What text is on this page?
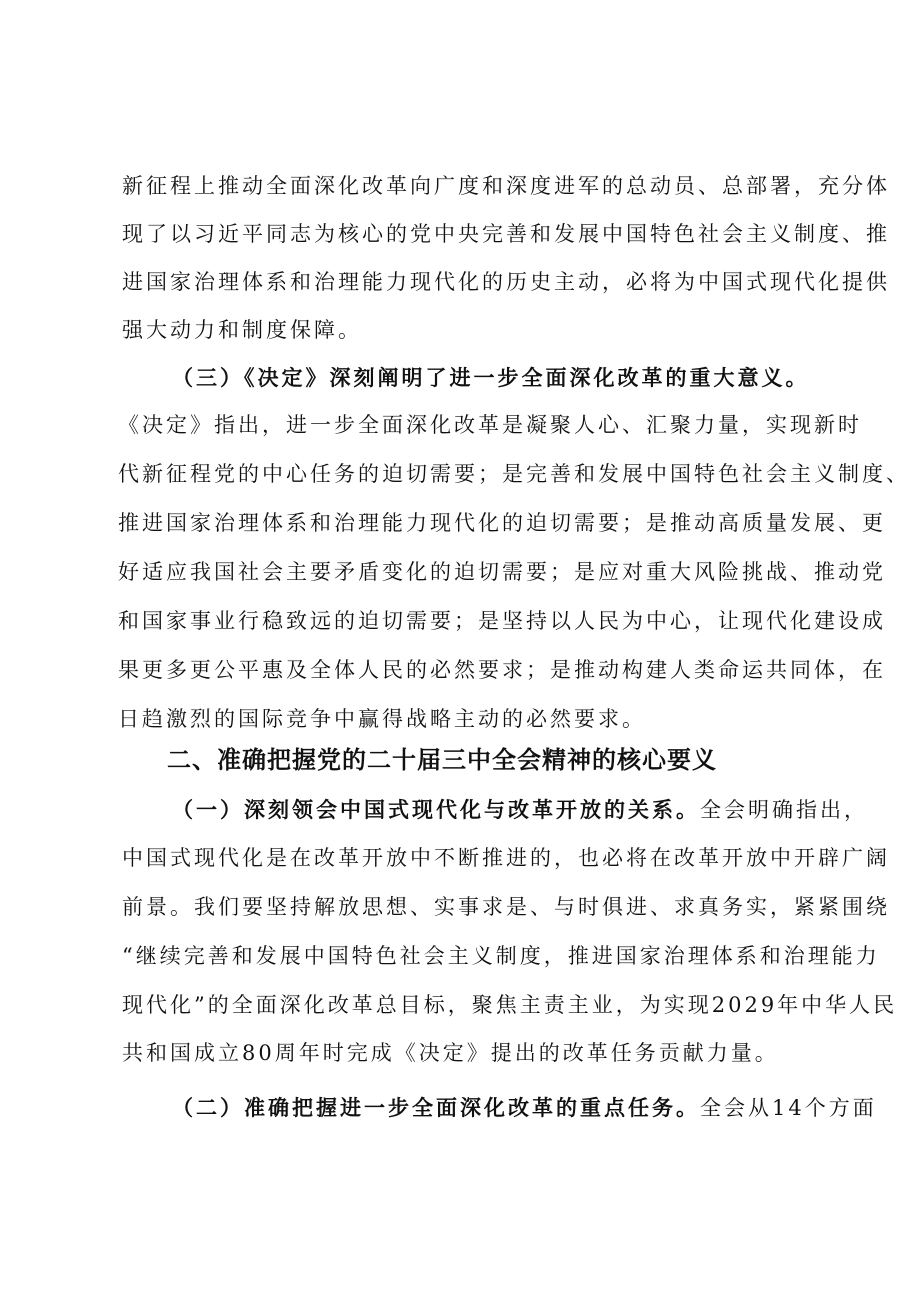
新征程上推动全面深化改革向广度和深度进军的总动员、总部署，充分体

现了以习近平同志为核心的党中央完善和发展中国特色社会主义制度、推

进国家治理体系和治理能力现代化的历史主动，必将为中国式现代化提供

强大动力和制度保障。

（三）《决定》深刻阐明了进一步全面深化改革的重大意义。

《决定》指出，进一步全面深化改革是凝聚人心、汇聚力量，实现新时

代新征程党的中心任务的迫切需要；是完善和发展中国特色社会主义制度、

推进国家治理体系和治理能力现代化的迫切需要；是推动高质量发展、更

好适应我国社会主要矛盾变化的迫切需要；是应对重大风险挑战、推动党

和国家事业行稳致远的迫切需要；是坚持以人民为中心，让现代化建设成

果更多更公平惠及全体人民的必然要求；是推动构建人类命运共同体，在

日趋激烈的国际竞争中赢得战略主动的必然要求。

二、准确把握党的二十届三中全会精神的核心要义

（一）深刻领会中国式现代化与改革开放的关系。全会明确指出，

中国式现代化是在改革开放中不断推进的，也必将在改革开放中开辟广阔

前景。我们要坚持解放思想、实事求是、与时俱进、求真务实，紧紧围绕

“继续完善和发展中国特色社会主义制度，推进国家治理体系和治理能力

现代化”的全面深化改革总目标，聚焦主责主业，为实现2029年中华人民

共和国成立80周年时完成《决定》提出的改革任务贡献力量。

（二）准确把握进一步全面深化改革的重点任务。全会从14个方面
